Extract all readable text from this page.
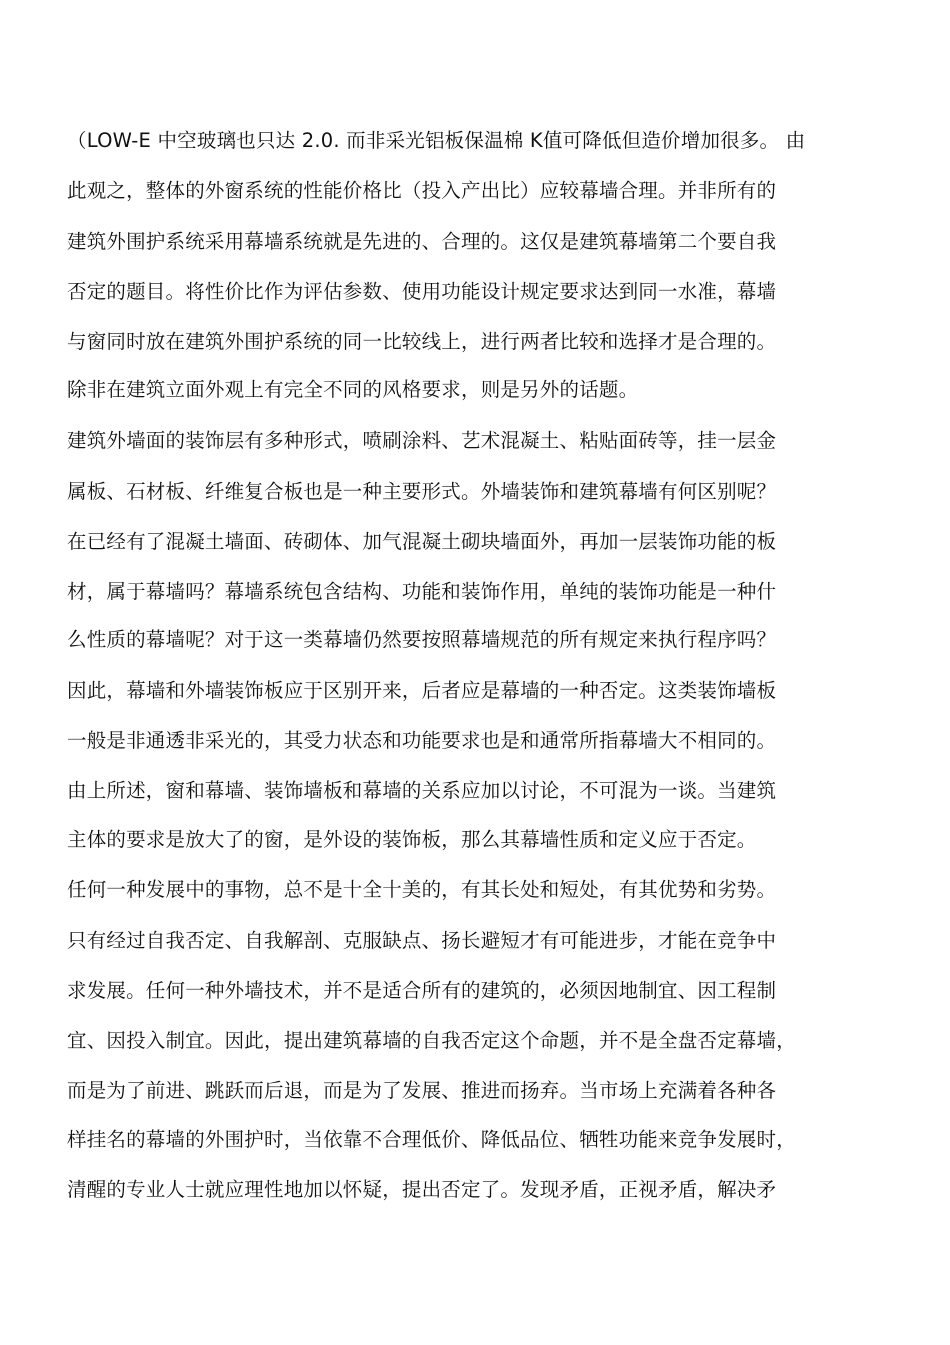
（LOW-E 中空玻璃也只达 2.0. 而非采光铝板保温棉 K值可降低但造价增加很多。 由
此观之，整体的外窗系统的性能价格比（投入产出比）应较幕墙合理。并非所有的
建筑外围护系统采用幕墙系统就是先进的、合理的。这仅是建筑幕墙第二个要自我
否定的题目。将性价比作为评估参数、使用功能设计规定要求达到同一水准，幕墙
与窗同时放在建筑外围护系统的同一比较线上，进行两者比较和选择才是合理的。
除非在建筑立面外观上有完全不同的风格要求，则是另外的话题。
建筑外墙面的装饰层有多种形式，喷刷涂料、艺术混凝土、粘贴面砖等，挂一层金
属板、石材板、纤维复合板也是一种主要形式。外墙装饰和建筑幕墙有何区别呢？
在已经有了混凝土墙面、砖砌体、加气混凝土砌块墙面外，再加一层装饰功能的板
材，属于幕墙吗？幕墙系统包含结构、功能和装饰作用，单纯的装饰功能是一种什
么性质的幕墙呢？对于这一类幕墙仍然要按照幕墙规范的所有规定来执行程序吗？
因此，幕墙和外墙装饰板应于区别开来，后者应是幕墙的一种否定。这类装饰墙板
一般是非通透非采光的，其受力状态和功能要求也是和通常所指幕墙大不相同的。
由上所述，窗和幕墙、装饰墙板和幕墙的关系应加以讨论，不可混为一谈。当建筑
主体的要求是放大了的窗，是外设的装饰板，那么其幕墙性质和定义应于否定。
任何一种发展中的事物，总不是十全十美的，有其长处和短处，有其优势和劣势。
只有经过自我否定、自我解剖、克服缺点、扬长避短才有可能进步，才能在竞争中
求发展。任何一种外墙技术，并不是适合所有的建筑的，必须因地制宜、因工程制
宜、因投入制宜。因此，提出建筑幕墙的自我否定这个命题，并不是全盘否定幕墙，
而是为了前进、跳跃而后退，而是为了发展、推进而扬弃。当市场上充满着各种各
样挂名的幕墙的外围护时，当依靠不合理低价、降低品位、牺牲功能来竞争发展时，
清醒的专业人士就应理性地加以怀疑，提出否定了。发现矛盾，正视矛盾，解决矛
